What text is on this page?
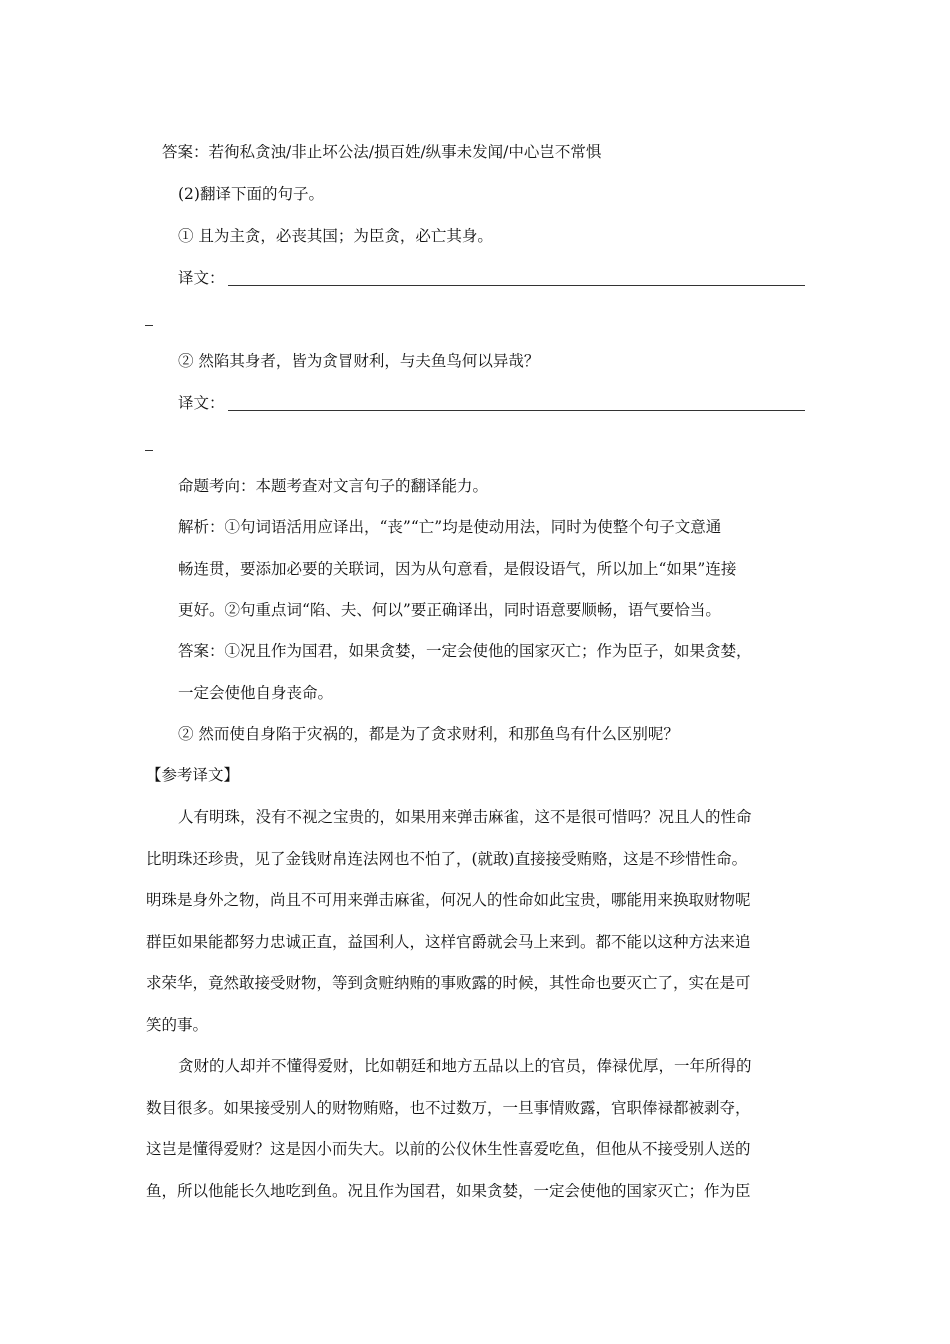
答案：若徇私贪浊/非止坏公法/损百姓/纵事未发闻/中心岂不常惧
(2)翻译下面的句子。
① 且为主贪，必丧其国；为臣贪，必亡其身。
译文：
② 然陷其身者，皆为贪冒财利，与夫鱼鸟何以异哉？
译文：
命题考向：本题考查对文言句子的翻译能力。
解析：①句词语活用应译出，“丧”“亡”均是使动用法，同时为使整个句子文意通
畅连贯，要添加必要的关联词，因为从句意看，是假设语气，所以加上“如果”连接
更好。②句重点词“陷、夫、何以”要正确译出，同时语意要顺畅，语气要恰当。
答案：①况且作为国君，如果贪婪，一定会使他的国家灭亡；作为臣子，如果贪婪，
一定会使他自身丧命。
② 然而使自身陷于灾祸的，都是为了贪求财利，和那鱼鸟有什么区别呢？
【参考译文】
人有明珠，没有不视之宝贵的，如果用来弹击麻雀，这不是很可惜吗？况且人的性命
比明珠还珍贵，见了金钱财帛连法网也不怕了，(就敢)直接接受贿赂，这是不珍惜性命。
明珠是身外之物，尚且不可用来弹击麻雀，何况人的性命如此宝贵，哪能用来换取财物呢
群臣如果能都努力忠诚正直，益国利人，这样官爵就会马上来到。都不能以这种方法来追
求荣华，竟然敢接受财物，等到贪赃纳贿的事败露的时候，其性命也要灭亡了，实在是可
笑的事。
贪财的人却并不懂得爱财，比如朝廷和地方五品以上的官员，俸禄优厚，一年所得的
数目很多。如果接受别人的财物贿赂，也不过数万，一旦事情败露，官职俸禄都被剥夺，
这岂是懂得爱财？这是因小而失大。以前的公仪休生性喜爱吃鱼，但他从不接受别人送的
鱼，所以他能长久地吃到鱼。况且作为国君，如果贪婪，一定会使他的国家灭亡；作为臣
